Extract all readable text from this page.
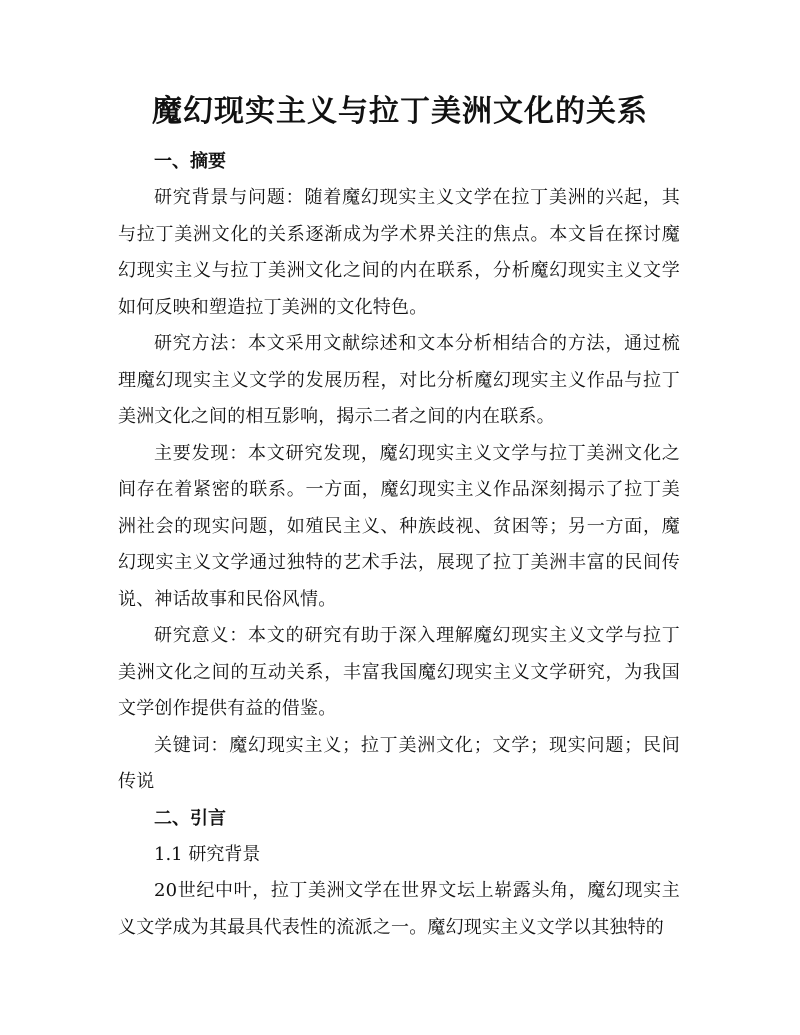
魔幻现实主义与拉丁美洲文化的关系
一、摘要

研究背景与问题：随着魔幻现实主义文学在拉丁美洲的兴起，其与拉丁美洲文化的关系逐渐成为学术界关注的焦点。本文旨在探讨魔幻现实主义与拉丁美洲文化之间的内在联系，分析魔幻现实主义文学如何反映和塑造拉丁美洲的文化特色。

研究方法：本文采用文献综述和文本分析相结合的方法，通过梳理魔幻现实主义文学的发展历程，对比分析魔幻现实主义作品与拉丁美洲文化之间的相互影响，揭示二者之间的内在联系。

主要发现：本文研究发现，魔幻现实主义文学与拉丁美洲文化之间存在着紧密的联系。一方面，魔幻现实主义作品深刻揭示了拉丁美洲社会的现实问题，如殖民主义、种族歧视、贫困等；另一方面，魔幻现实主义文学通过独特的艺术手法，展现了拉丁美洲丰富的民间传说、神话故事和民俗风情。

研究意义：本文的研究有助于深入理解魔幻现实主义文学与拉丁美洲文化之间的互动关系，丰富我国魔幻现实主义文学研究，为我国文学创作提供有益的借鉴。

关键词：魔幻现实主义；拉丁美洲文化；文学；现实问题；民间传说

二、引言
1.1 研究背景

20世纪中叶，拉丁美洲文学在世界文坛上崭露头角，魔幻现实主义文学成为其最具代表性的流派之一。魔幻现实主义文学以其独特的
